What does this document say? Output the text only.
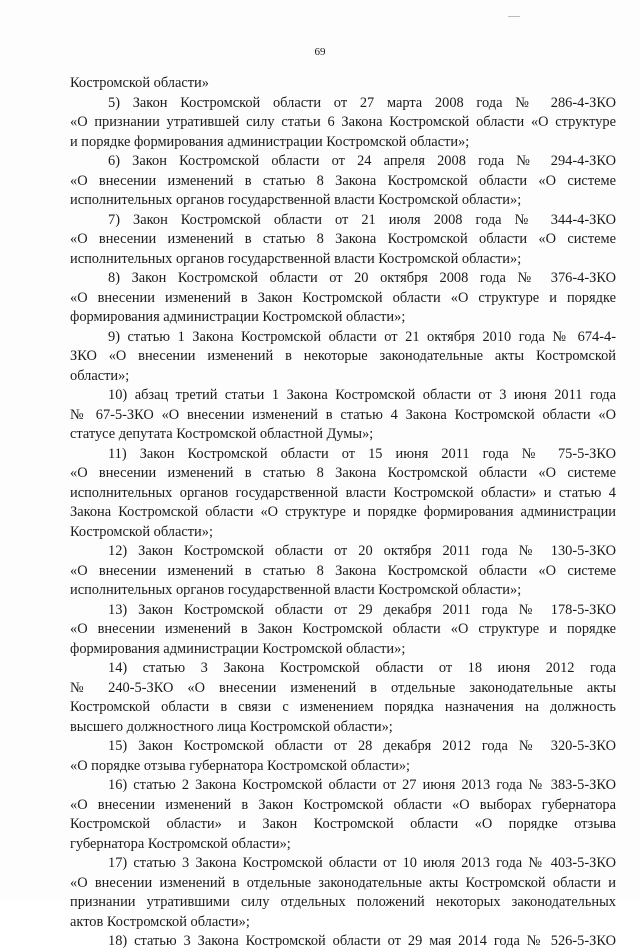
69
Костромской области»
5) Закон Костромской области от 27 марта 2008 года № 286-4-ЗКО
«О признании утратившей силу статьи 6 Закона Костромской области «О структуре
и порядке формирования администрации Костромской области»;
6) Закон Костромской области от 24 апреля 2008 года № 294-4-ЗКО
«О внесении изменений в статью 8 Закона Костромской области «О системе
исполнительных органов государственной власти Костромской области»;
7) Закон Костромской области от 21 июля 2008 года № 344-4-ЗКО
«О внесении изменений в статью 8 Закона Костромской области «О системе
исполнительных органов государственной власти Костромской области»;
8) Закон Костромской области от 20 октября 2008 года № 376-4-ЗКО
«О внесении изменений в Закон Костромской области «О структуре и порядке
формирования администрации Костромской области»;
9) статью 1 Закона Костромской области от 21 октября 2010 года № 674-4-
ЗКО «О внесении изменений в некоторые законодательные акты Костромской
области»;
10) абзац третий статьи 1 Закона Костромской области от 3 июня 2011 года
№ 67-5-ЗКО «О внесении изменений в статью 4 Закона Костромской области «О
статусе депутата Костромской областной Думы»;
11) Закон Костромской области от 15 июня 2011 года № 75-5-ЗКО
«О внесении изменений в статью 8 Закона Костромской области «О системе
исполнительных органов государственной власти Костромской области» и статью 4
Закона Костромской области «О структуре и порядке формирования администрации
Костромской области»;
12) Закон Костромской области от 20 октября 2011 года № 130-5-ЗКО
«О внесении изменений в статью 8 Закона Костромской области «О системе
исполнительных органов государственной власти Костромской области»;
13) Закон Костромской области от 29 декабря 2011 года № 178-5-ЗКО
«О внесении изменений в Закон Костромской области «О структуре и порядке
формирования администрации Костромской области»;
14) статью 3 Закона Костромской области от 18 июня 2012 года
№ 240-5-ЗКО «О внесении изменений в отдельные законодательные акты
Костромской области в связи с изменением порядка назначения на должность
высшего должностного лица Костромской области»;
15) Закон Костромской области от 28 декабря 2012 года № 320-5-ЗКО
«О порядке отзыва губернатора Костромской области»;
16) статью 2 Закона Костромской области от 27 июня 2013 года № 383-5-ЗКО
«О внесении изменений в Закон Костромской области «О выборах губернатора
Костромской области» и Закон Костромской области «О порядке отзыва
губернатора Костромской области»;
17) статью 3 Закона Костромской области от 10 июля 2013 года № 403-5-ЗКО
«О внесении изменений в отдельные законодательные акты Костромской области и
признании утратившими силу отдельных положений некоторых законодательных
актов Костромской области»;
18) статью 3 Закона Костромской области от 29 мая 2014 года № 526-5-ЗКО
